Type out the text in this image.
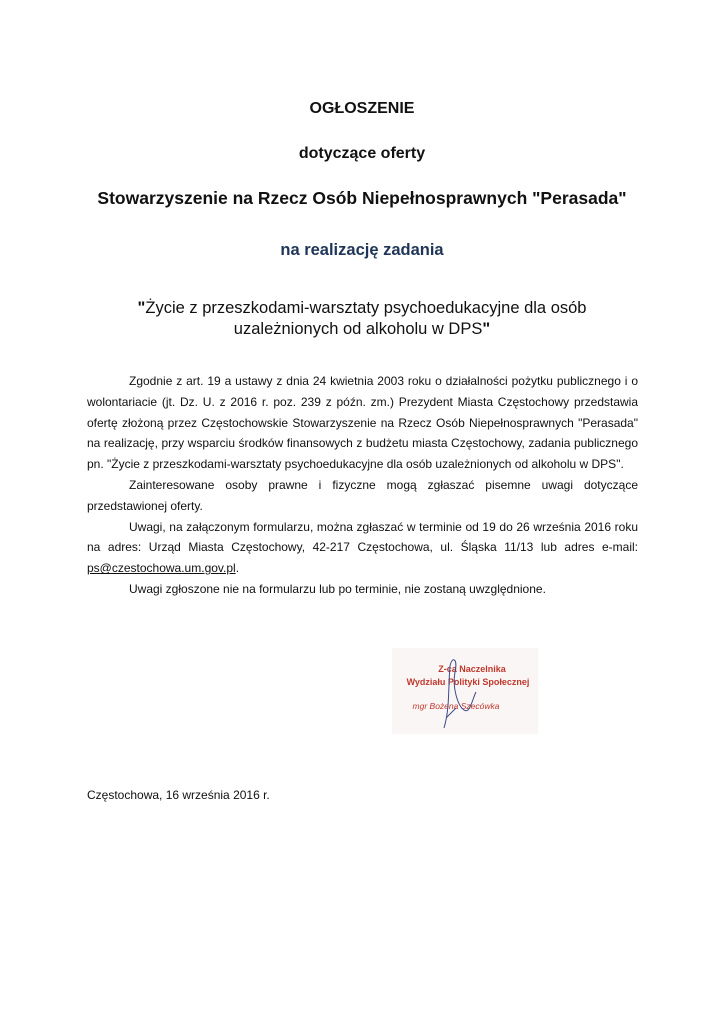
OGŁOSZENIE
dotyczące oferty
Stowarzyszenie na Rzecz Osób Niepełnosprawnych "Perasada"
na realizację zadania
"Życie z przeszkodami-warsztaty psychoedukacyjne dla osób
uzależnionych od alkoholu w DPS"

Zgodnie z art. 19 a ustawy z dnia 24 kwietnia 2003 roku o działalności pożytku publicznego i o wolontariacie (jt. Dz. U. z 2016 r. poz. 239 z późn. zm.) Prezydent Miasta Częstochowy przedstawia ofertę złożoną przez Częstochowskie Stowarzyszenie na Rzecz Osób Niepełnosprawnych "Perasada" na realizację, przy wsparciu środków finansowych z budżetu miasta Częstochowy, zadania publicznego pn. "Życie z przeszkodami-warsztaty psychoedukacyjne dla osób uzależnionych od alkoholu w DPS".

Zainteresowane osoby prawne i fizyczne mogą zgłaszać pisemne uwagi dotyczące przedstawionej oferty.

Uwagi, na załączonym formularzu, można zgłaszać w terminie od 19 do 26 września 2016 roku na adres: Urząd Miasta Częstochowy, 42-217 Częstochowa, ul. Śląska 11/13 lub adres e-mail: ps@czestochowa.um.gov.pl.

Uwagi zgłoszone nie na formularzu lub po terminie, nie zostaną uwzględnione.

Z-ca Naczelnika
Wydziału Polityki Społecznej
mgr Bożena Szecówka
Częstochowa, 16 września 2016 r.
